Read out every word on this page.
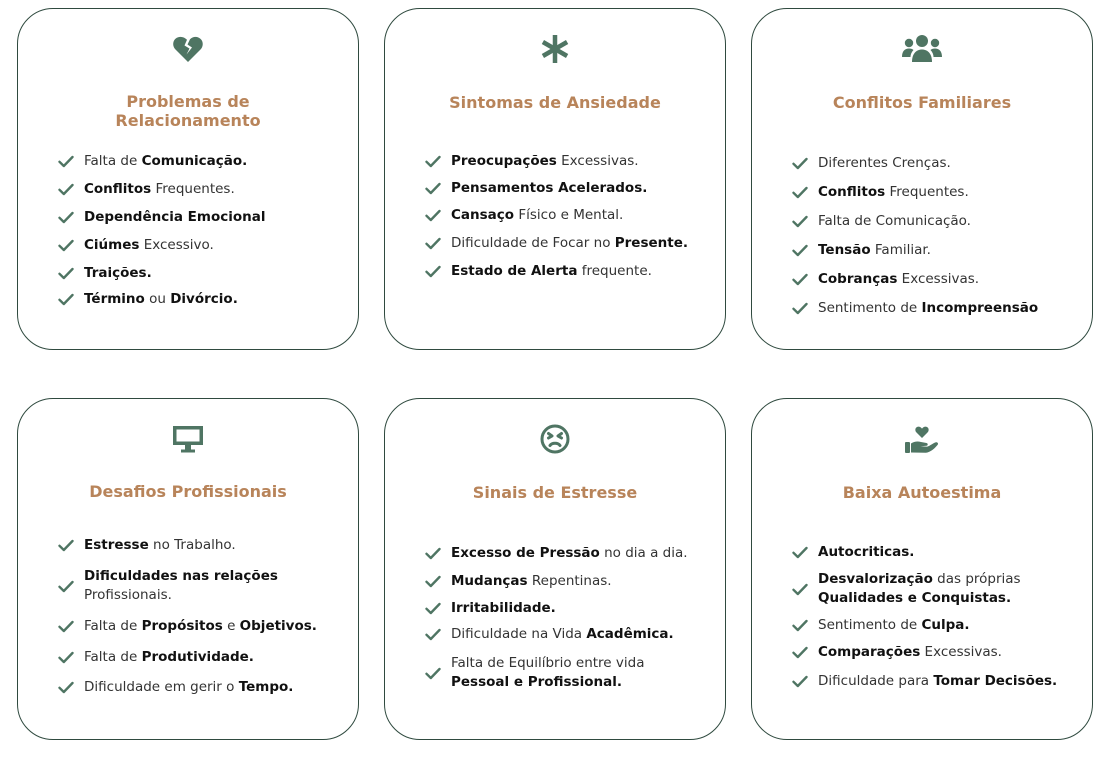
Problemas de
Relacionamento
Falta de Comunicação.
Conflitos Frequentes.
Dependência Emocional
Ciúmes Excessivo.
Traições.
Término ou Divórcio.
Sintomas de Ansiedade
Preocupações Excessivas.
Pensamentos Acelerados.
Cansaço Físico e Mental.
Dificuldade de Focar no Presente.
Estado de Alerta frequente.
Conflitos Familiares
Diferentes Crenças.
Conflitos Frequentes.
Falta de Comunicação.
Tensão Familiar.
Cobranças Excessivas.
Sentimento de Incompreensão
Desafios Profissionais
Estresse no Trabalho.
Dificuldades nas relações
Profissionais.
Falta de Propósitos e Objetivos.
Falta de Produtividade.
Dificuldade em gerir o Tempo.
Sinais de Estresse
Excesso de Pressão no dia a dia.
Mudanças Repentinas.
Irritabilidade.
Dificuldade na Vida Acadêmica.
Falta de Equilíbrio entre vida
Pessoal e Profissional.
Baixa Autoestima
Autocriticas.
Desvalorização das próprias
Qualidades e Conquistas.
Sentimento de Culpa.
Comparações Excessivas.
Dificuldade para Tomar Decisões.
